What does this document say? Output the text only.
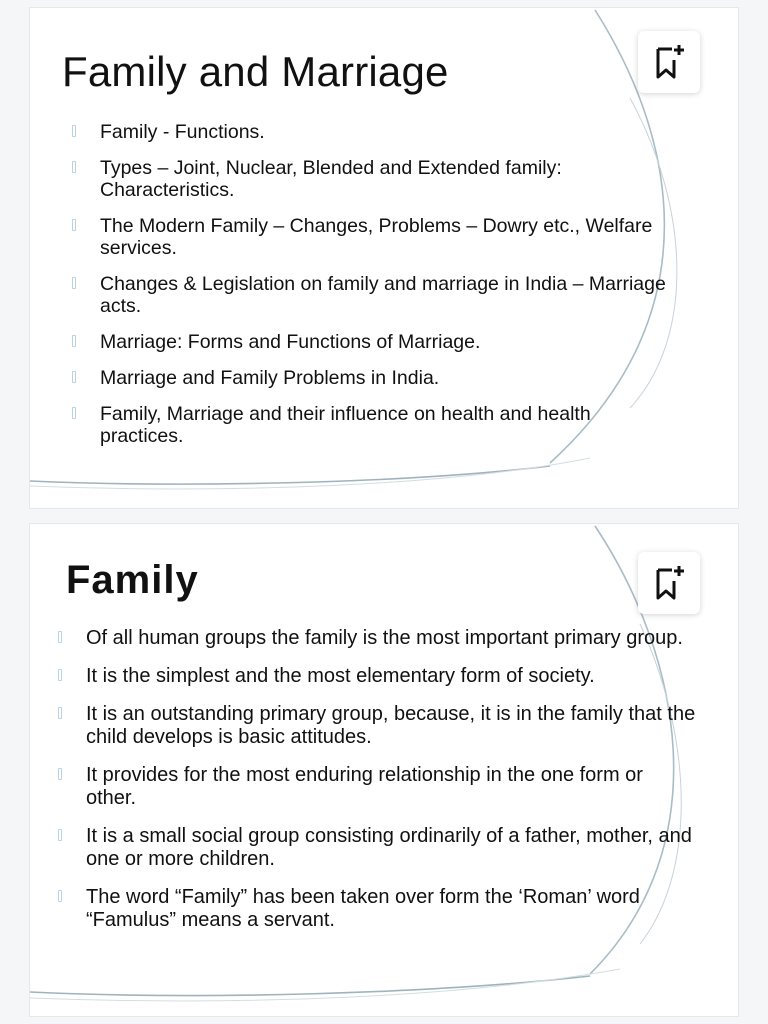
Family and Marriage
Family - Functions.
Types – Joint, Nuclear, Blended and Extended family: Characteristics.
The Modern Family – Changes, Problems – Dowry etc., Welfare services.
Changes & Legislation on family and marriage in India – Marriage acts.
Marriage: Forms and Functions of Marriage.
Marriage and Family Problems in India.
Family, Marriage and their influence on health and health practices.
Family
Of all human groups the family is the most important primary group.
It is the simplest and the most elementary form of society.
It is an outstanding primary group, because, it is in the family that the child develops is basic attitudes.
It provides for the most enduring relationship in the one form or other.
It is a small social group consisting ordinarily of a father, mother, and one or more children.
The word “Family” has been taken over form the ‘Roman’ word “Famulus” means a servant.
